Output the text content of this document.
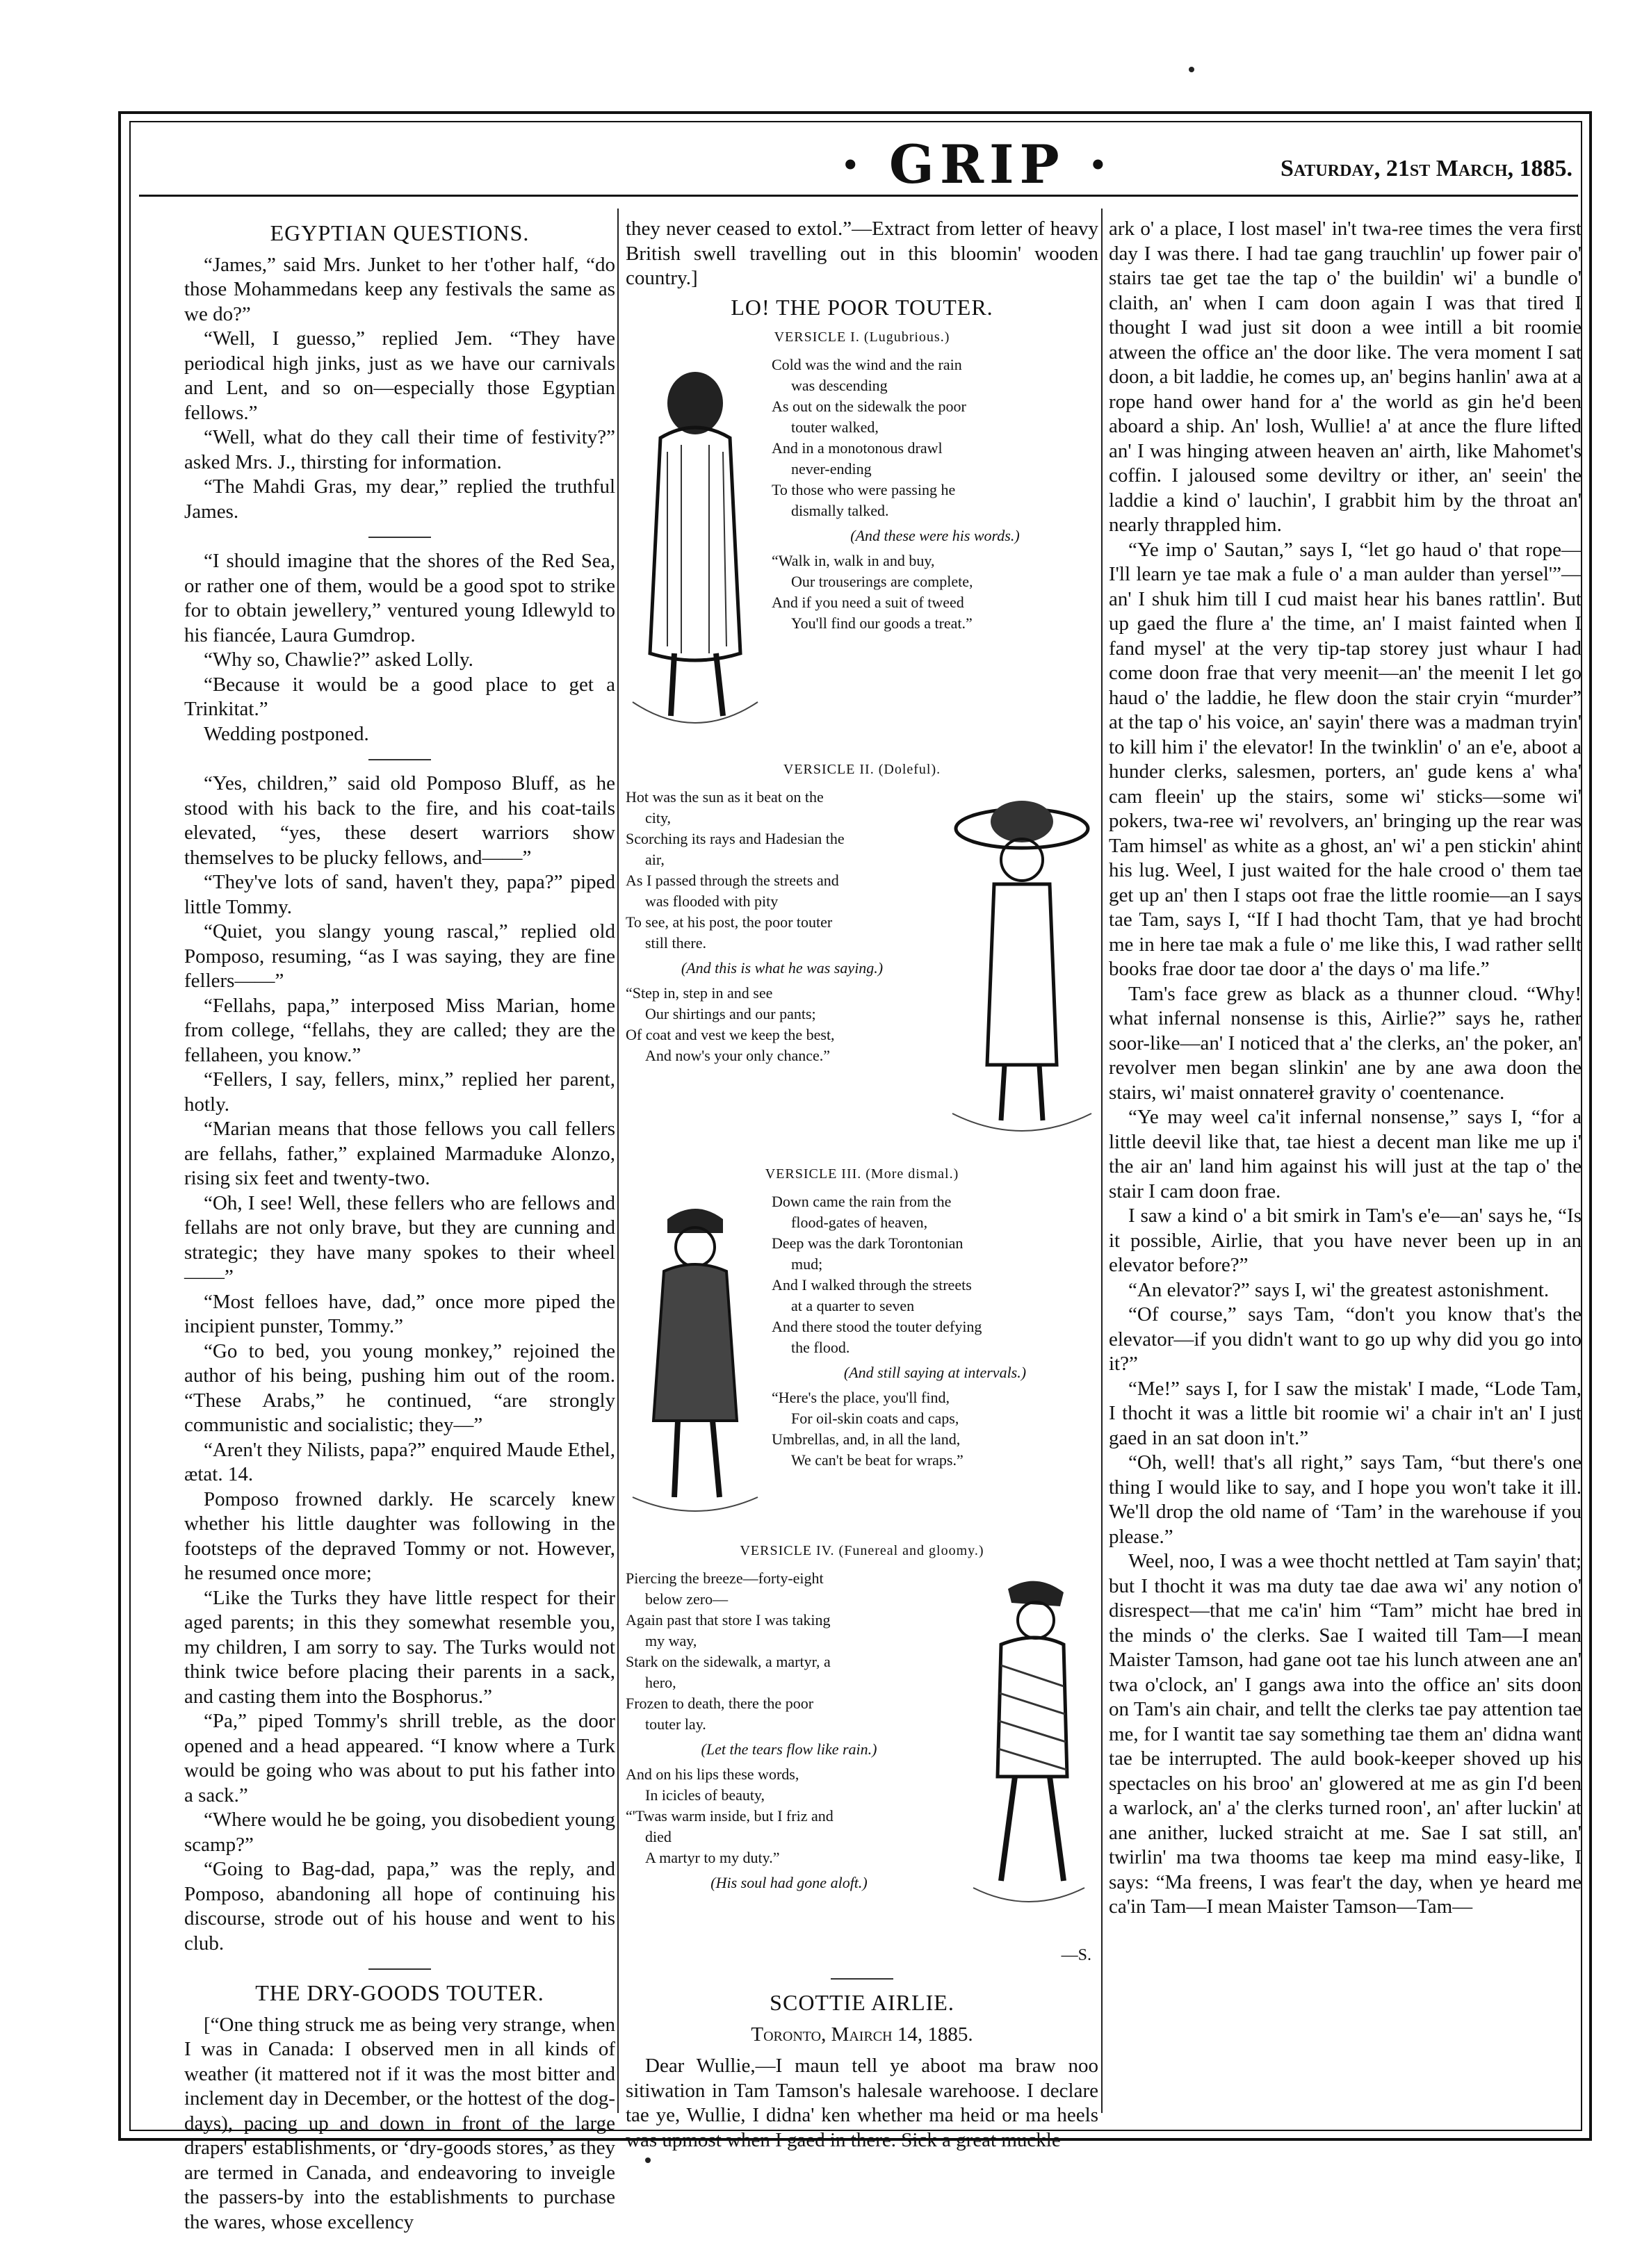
· GRIP ·	Saturday, 21st March, 1885.
EGYPTIAN QUESTIONS.

“James,” said Mrs. Junket to her t'other half, “do those Mohammedans keep any festivals the same as we do?”

“Well, I guesso,” replied Jem. “They have periodical high jinks, just as we have our carnivals and Lent, and so on—especially those Egyptian fellows.”

“Well, what do they call their time of festivity?” asked Mrs. J., thirsting for information.

“The Mahdi Gras, my dear,” replied the truthful James.

“I should imagine that the shores of the Red Sea, or rather one of them, would be a good spot to strike for to obtain jewellery,” ventured young Idlewyld to his fiancée, Laura Gumdrop.

“Why so, Chawlie?” asked Lolly.

“Because it would be a good place to get a Trinkitat.”

Wedding postponed.

“Yes, children,” said old Pomposo Bluff, as he stood with his back to the fire, and his coat-tails elevated, “yes, these desert warriors show themselves to be plucky fellows, and——”

“They've lots of sand, haven't they, papa?” piped little Tommy.

“Quiet, you slangy young rascal,” replied old Pomposo, resuming, “as I was saying, they are fine fellers——”

“Fellahs, papa,” interposed Miss Marian, home from college, “fellahs, they are called; they are the fellaheen, you know.”

“Fellers, I say, fellers, minx,” replied her parent, hotly.

“Marian means that those fellows you call fellers are fellahs, father,” explained Marmaduke Alonzo, rising six feet and twenty-two.

“Oh, I see! Well, these fellers who are fellows and fellahs are not only brave, but they are cunning and strategic; they have many spokes to their wheel——”

“Most felloes have, dad,” once more piped the incipient punster, Tommy.”

“Go to bed, you young monkey,” rejoined the author of his being, pushing him out of the room. “These Arabs,” he continued, “are strongly communistic and socialistic; they—”

“Aren't they Nilists, papa?” enquired Maude Ethel, ætat. 14.

Pomposo frowned darkly. He scarcely knew whether his little daughter was following in the footsteps of the depraved Tommy or not. However, he resumed once more;

“Like the Turks they have little respect for their aged parents; in this they somewhat resemble you, my children, I am sorry to say. The Turks would not think twice before placing their parents in a sack, and casting them into the Bosphorus.”

“Pa,” piped Tommy's shrill treble, as the door opened and a head appeared. “I know where a Turk would be going who was about to put his father into a sack.”

“Where would he be going, you disobedient young scamp?”

“Going to Bag-dad, papa,” was the reply, and Pomposo, abandoning all hope of continuing his discourse, strode out of his house and went to his club.

THE DRY-GOODS TOUTER.

[“One thing struck me as being very strange, when I was in Canada: I observed men in all kinds of weather (it mattered not if it was the most bitter and inclement day in December, or the hottest of the dog-days), pacing up and down in front of the large drapers' establishments, or ‘dry-goods stores,’ as they are termed in Canada, and endeavoring to inveigle the passers-by into the establishments to purchase the wares, whose excellency

they never ceased to extol.”—Extract from letter of heavy British swell travelling out in this bloomin' wooden country.]

LO! THE POOR TOUTER.
VERSICLE I. (Lugubrious.)
Cold was the wind and the rain
was descending
As out on the sidewalk the poor
touter walked,
And in a monotonous drawl
never-ending
To those who were passing he
dismally talked.
(And these were his words.)
“Walk in, walk in and buy,
Our trouserings are complete,
And if you need a suit of tweed
You'll find our goods a treat.”
VERSICLE II. (Doleful).
Hot was the sun as it beat on the
city,
Scorching its rays and Hadesian the
air,
As I passed through the streets and
was flooded with pity
To see, at his post, the poor touter
still there.
(And this is what he was saying.)
“Step in, step in and see
Our shirtings and our pants;
Of coat and vest we keep the best,
And now's your only chance.”
VERSICLE III. (More dismal.)
Down came the rain from the
flood-gates of heaven,
Deep was the dark Torontonian
mud;
And I walked through the streets
at a quarter to seven
And there stood the touter defying
the flood.
(And still saying at intervals.)
“Here's the place, you'll find,
For oil-skin coats and caps,
Umbrellas, and, in all the land,
We can't be beat for wraps.”
VERSICLE IV. (Funereal and gloomy.)
Piercing the breeze—forty-eight
below zero—
Again past that store I was taking
my way,
Stark on the sidewalk, a martyr, a
hero,
Frozen to death, there the poor
touter lay.
(Let the tears flow like rain.)
And on his lips these words,
In icicles of beauty,
“'Twas warm inside, but I friz and
died
A martyr to my duty.”
(His soul had gone aloft.)
—S.
SCOTTIE AIRLIE.
Toronto, Mairch 14, 1885.

Dear Wullie,—I maun tell ye aboot ma braw noo sitiwation in Tam Tamson's halesale warehoose. I declare tae ye, Wullie, I didna' ken whether ma heid or ma heels was upmost when I gaed in there. Sick a great muckle

ark o' a place, I lost masel' in't twa-ree times the vera first day I was there. I had tae gang trauchlin' up fower pair o' stairs tae get tae the tap o' the buildin' wi' a bundle o' claith, an' when I cam doon again I was that tired I thought I wad just sit doon a wee intill a bit roomie atween the office an' the door like. The vera moment I sat doon, a bit laddie, he comes up, an' begins hanlin' awa at a rope hand ower hand for a' the world as gin he'd been aboard a ship. An' losh, Wullie! a' at ance the flure lifted an' I was hinging atween heaven an' airth, like Mahomet's coffin. I jaloused some deviltry or ither, an' seein' the laddie a kind o' lauchin', I grabbit him by the throat an' nearly thrappled him.

“Ye imp o' Sautan,” says I, “let go haud o' that rope—I'll learn ye tae mak a fule o' a man aulder than yersel'”—an' I shuk him till I cud maist hear his banes rattlin'. But up gaed the flure a' the time, an' I maist fainted when I fand mysel' at the very tip-tap storey just whaur I had come doon frae that very meenit—an' the meenit I let go haud o' the laddie, he flew doon the stair cryin “murder” at the tap o' his voice, an' sayin' there was a madman tryin' to kill him i' the elevator! In the twinklin' o' an e'e, aboot a hunder clerks, salesmen, porters, an' gude kens a' wha' cam fleein' up the stairs, some wi' sticks—some wi' pokers, twa-ree wi' revolvers, an' bringing up the rear was Tam himsel' as white as a ghost, an' wi' a pen stickin' ahint his lug. Weel, I just waited for the hale crood o' them tae get up an' then I staps oot frae the little roomie—an I says tae Tam, says I, “If I had thocht Tam, that ye had brocht me in here tae mak a fule o' me like this, I wad rather sellt books frae door tae door a' the days o' ma life.”

Tam's face grew as black as a thunner cloud. “Why! what infernal nonsense is this, Airlie?” says he, rather soor-like—an' I noticed that a' the clerks, an' the poker, an' revolver men began slinkin' ane by ane awa doon the stairs, wi' maist onnatereł gravity o' coentenance.

“Ye may weel ca'it infernal nonsense,” says I, “for a little deevil like that, tae hiest a decent man like me up i' the air an' land him against his will just at the tap o' the stair I cam doon frae.

I saw a kind o' a bit smirk in Tam's e'e—an' says he, “Is it possible, Airlie, that you have never been up in an elevator before?”

“An elevator?” says I, wi' the greatest astonishment.

“Of course,” says Tam, “don't you know that's the elevator—if you didn't want to go up why did you go into it?”

“Me!” says I, for I saw the mistak' I made, “Lode Tam, I thocht it was a little bit roomie wi' a chair in't an' I just gaed in an sat doon in't.”

“Oh, well! that's all right,” says Tam, “but there's one thing I would like to say, and I hope you won't take it ill. We'll drop the old name of ‘Tam’ in the warehouse if you please.”

Weel, noo, I was a wee thocht nettled at Tam sayin' that; but I thocht it was ma duty tae dae awa wi' any notion o' disrespect—that me ca'in' him “Tam” micht hae bred in the minds o' the clerks. Sae I waited till Tam—I mean Maister Tamson, had gane oot tae his lunch atween ane an' twa o'clock, an' I gangs awa into the office an' sits doon on Tam's ain chair, and tellt the clerks tae pay attention tae me, for I wantit tae say something tae them an' didna want tae be interrupted. The auld book-keeper shoved up his spectacles on his broo' an' glowered at me as gin I'd been a warlock, an' a' the clerks turned roon', an' after luckin' at ane anither, lucked straicht at me. Sae I sat still, an' twirlin' ma twa thooms tae keep ma mind easy-like, I says: “Ma freens, I was fear't the day, when ye heard me ca'in Tam—I mean Maister Tamson—Tam—
